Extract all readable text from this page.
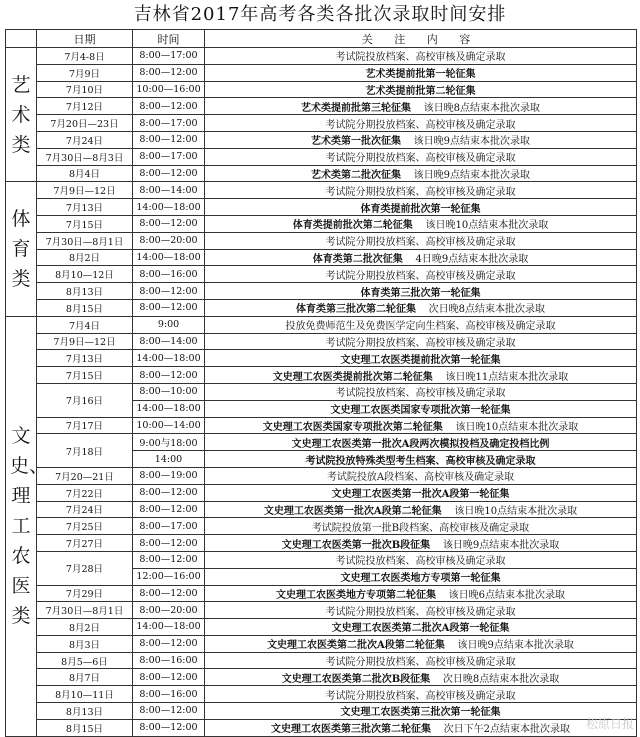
吉林省2017年高考各类各批次录取时间安排
	日期	时间	关 注 内 容
艺术类	7月4-8日	8:00—17:00	考试院投放档案、高校审核及确定录取
	7月9日	8:00—12:00	艺术类提前批第一轮征集
	7月10日	10:00—16:00	艺术类提前批第二轮征集
	7月12日	8:00—12:00	艺术类提前批第三轮征集 该日晚8点结束本批次录取
	7月20日—23日	8:00—17:00	考试院分期投放档案、高校审核及确定录取
	7月24日	8:00—12:00	艺术类第一批次征集 该日晚9点结束本批次录取
	7月30日—8月3日	8:00—17:00	考试院分期投放档案、高校审核及确定录取
	8月4日	8:00—12:00	艺术类第二批次征集 该日晚9点结束本批次录取
体育类	7月9日—12日	8:00—14:00	考试院分期投放档案、高校审核及确定录取
	7月13日	14:00—18:00	体育类提前批次第一轮征集
	7月15日	8:00—12:00	体育类提前批次第二轮征集 该日晚10点结束本批次录取
	7月30日—8月1日	8:00—20:00	考试院分期投放档案、高校审核及确定录取
	8月2日	14:00—18:00	体育类第二批次征集 4日晚9点结束本批次录取
	8月10—12日	8:00—16:00	考试院分期投放档案、高校审核及确定录取
	8月13日	8:00—12:00	体育类第三批次第一轮征集
	8月15日	8:00—12:00	体育类第三批次第二轮征集 次日晚8点结束本批次录取
文史、理工农医类	7月4日	9:00	投放免费师范生及免费医学定向生档案、高校审核及确定录取
	7月9日—12日	8:00—14:00	考试院分期投放档案、高校审核及确定录取
	7月13日	14:00—18:00	文史理工农医类提前批次第一轮征集
	7月15日	8:00—12:00	文史理工农医类提前批次第二轮征集 该日晚11点结束本批次录取
	7月16日	8:00—10:00	考试院投放档案、高校审核及确定录取
		14:00—18:00	文史理工农医类国家专项批次第一轮征集
	7月17日	10:00—14:00	文史理工农医类国家专项批次第二轮征集 该日晚10点结束本批次录取
	7月18日	9:00与18:00	文史理工农医类第一批次A段两次模拟投档及确定投档比例
		14:00	考试院投放特殊类型考生档案、高校审核及确定录取
	7月20—21日	8:00—19:00	考试院投放A段档案、高校审核及确定录取
	7月22日	8:00—12:00	文史理工农医类第一批次A段第一轮征集
	7月24日	8:00—12:00	文史理工农医类第一批次A段第二轮征集 该日晚10点结束本批次录取
	7月25日	8:00—17:00	考试院投放第一批B段档案、高校审核及确定录取
	7月27日	8:00—12:00	文史理工农医类第一批次B段征集 该日晚9点结束本批次录取
	7月28日	8:00—12:00	考试院投放档案、高校审核及确定录取
		12:00—16:00	文史理工农医类地方专项第一轮征集
	7月29日	8:00—12:00	文史理工农医类地方专项第二轮征集 该日晚6点结束本批次录取
	7月30日—8月1日	8:00—20:00	考试院分期投放档案、高校审核及确定录取
	8月2日	14:00—18:00	文史理工农医类第二批次A段第一轮征集
	8月3日	8:00—12:00	文史理工农医类第二批次A段第二轮征集 该日晚9点结束本批次录取
	8月5—6日	8:00—16:00	考试院分期投放档案、高校审核及确定录取
	8月7日	8:00—12:00	文史理工农医类第二批次B段征集 次日晚8点结束本批次录取
	8月10—11日	8:00—16:00	考试院分期投放档案、高校审核及确定录取
	8月13日	8:00—12:00	文史理工农医类第三批次第一轮征集
	8月15日	8:00—12:00	文史理工农医类第三批次第二轮征集 次日下午2点结束本批次录取 松原日报
